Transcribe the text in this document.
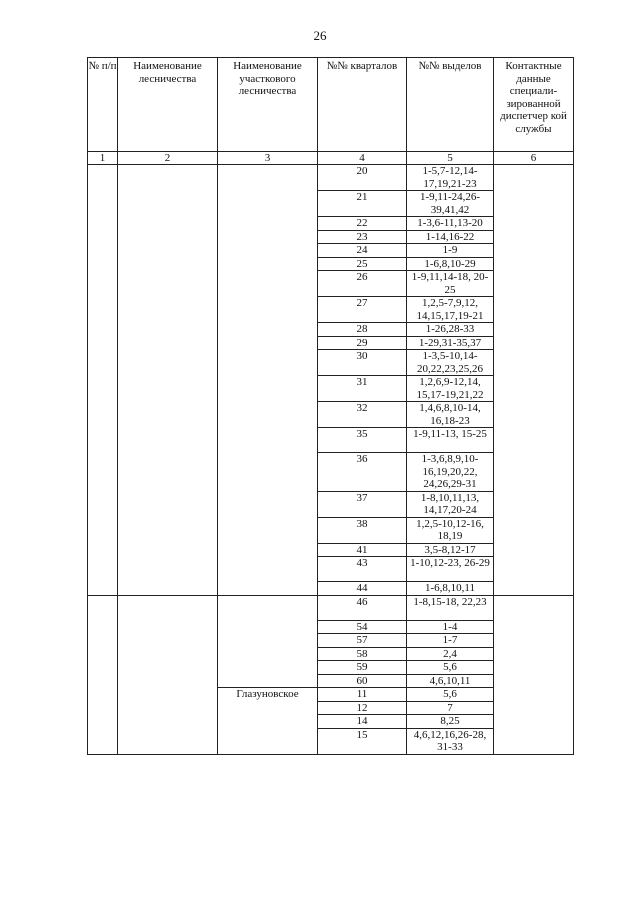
26
№ п/п	Наименование лесничества	Наименование участкового лесничества	№№ кварталов	№№ выделов	Контактные данные специали-зированной диспетчер кой службы
1	2	3	4	5	6
			20	1-5,7-12,14-17,19,21-23	
			21	1-9,11-24,26-39,41,42	
			22	1-3,6-11,13-20	
			23	1-14,16-22	
			24	1-9	
			25	1-6,8,10-29	
			26	1-9,11,14-18, 20-25	
			27	1,2,5-7,9,12, 14,15,17,19-21	
			28	1-26,28-33	
			29	1-29,31-35,37	
			30	1-3,5-10,14-20,22,23,25,26	
			31	1,2,6,9-12,14, 15,17-19,21,22	
			32	1,4,6,8,10-14, 16,18-23	
			35	1-9,11-13, 15-25	
			36	1-3,6,8,9,10-16,19,20,22, 24,26,29-31	
			37	1-8,10,11,13, 14,17,20-24	
			38	1,2,5-10,12-16, 18,19	
			41	3,5-8,12-17	
			43	1-10,12-23, 26-29	
			44	1-6,8,10,11	
			46	1-8,15-18, 22,23	
			54	1-4	
			57	1-7	
			58	2,4	
			59	5,6	
			60	4,6,10,11	
		Глазуновское	11	5,6	
			12	7	
			14	8,25	
			15	4,6,12,16,26-28, 31-33	
